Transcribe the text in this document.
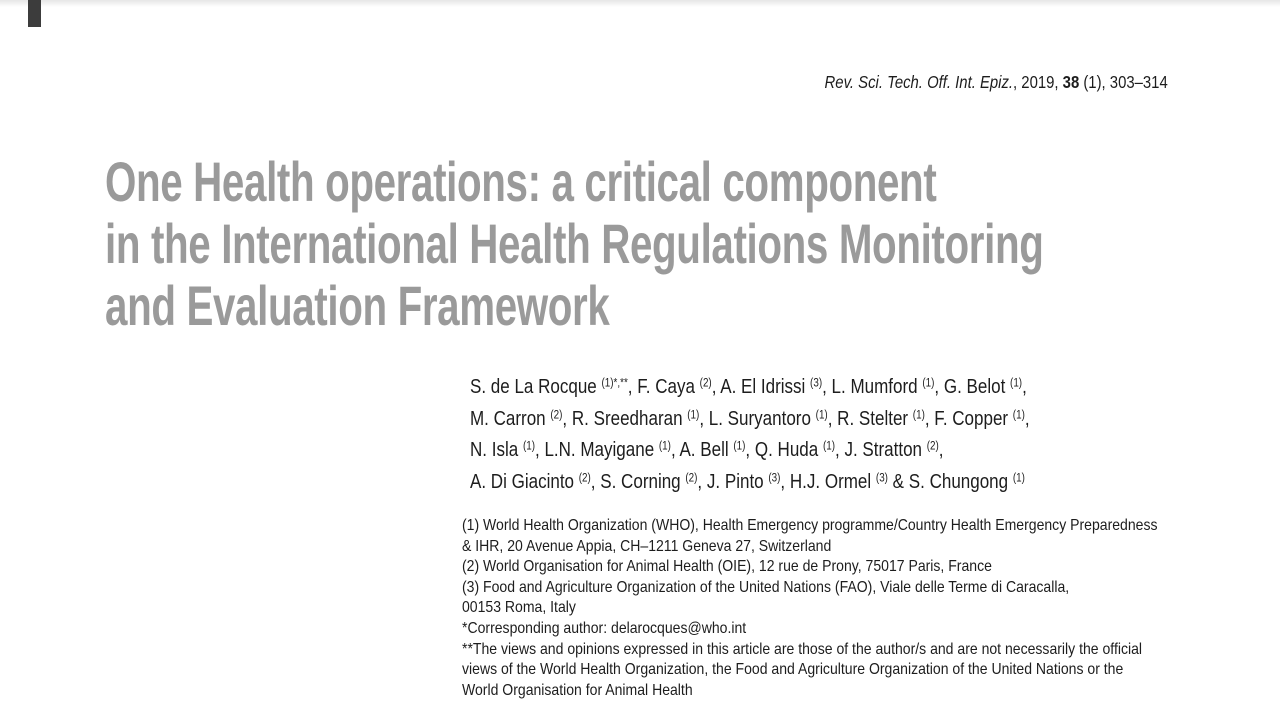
Rev. Sci. Tech. Off. Int. Epiz., 2019, 38 (1), 303–314
One Health operations: a critical component
in the International Health Regulations Monitoring
and Evaluation Framework
S. de La Rocque $^{(1)*,**}$, F. Caya $^{(2)}$, A. El Idrissi $^{(3)}$, L. Mumford $^{(1)}$, G. Belot $^{(1)}$,
M. Carron $^{(2)}$, R. Sreedharan $^{(1)}$, L. Suryantoro $^{(1)}$, R. Stelter $^{(1)}$, F. Copper $^{(1)}$,
N. Isla $^{(1)}$, L.N. Mayigane $^{(1)}$, A. Bell $^{(1)}$, Q. Huda $^{(1)}$, J. Stratton $^{(2)}$,
A. Di Giacinto $^{(2)}$, S. Corning $^{(2)}$, J. Pinto $^{(3)}$, H.J. Ormel $^{(3)}$ & S. Chungong $^{(1)}$
(1) World Health Organization (WHO), Health Emergency programme/Country Health Emergency Preparedness
& IHR, 20 Avenue Appia, CH–1211 Geneva 27, Switzerland
(2) World Organisation for Animal Health (OIE), 12 rue de Prony, 75017 Paris, France
(3) Food and Agriculture Organization of the United Nations (FAO), Viale delle Terme di Caracalla,
00153 Roma, Italy
*Corresponding author: delarocques@who.int
**The views and opinions expressed in this article are those of the author/s and are not necessarily the official
views of the World Health Organization, the Food and Agriculture Organization of the United Nations or the
World Organisation for Animal Health
